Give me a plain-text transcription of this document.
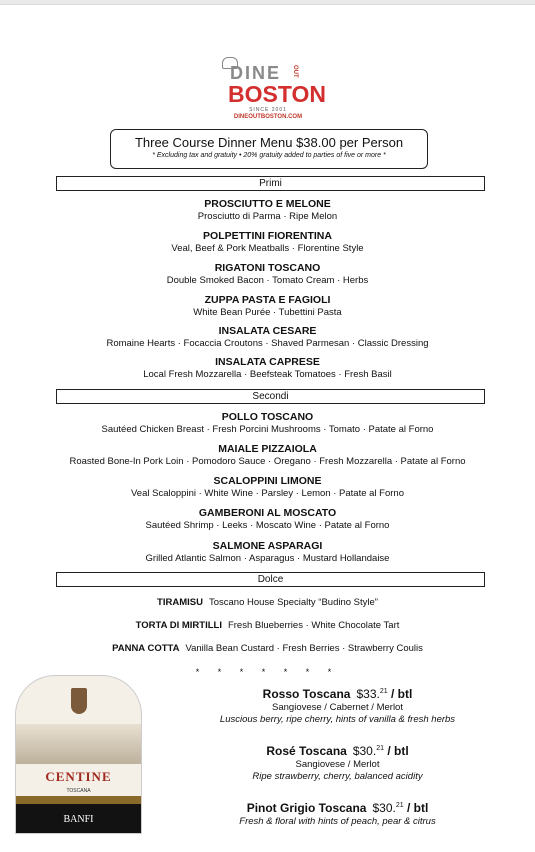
DINE OUT
BOSTON
SINCE 2001
DINEOUTBOSTON.COM
Three Course Dinner Menu $38.00 per Person
* Excluding tax and gratuity • 20% gratuity added to parties of five or more *
Primi
PROSCIUTTO E MELONE
Prosciutto di Parma · Ripe Melon
POLPETTINI FIORENTINA
Veal, Beef & Pork Meatballs · Florentine Style
RIGATONI TOSCANO
Double Smoked Bacon · Tomato Cream · Herbs
ZUPPA PASTA E FAGIOLI
White Bean Purée · Tubettini Pasta
INSALATA CESARE
Romaine Hearts · Focaccia Croutons · Shaved Parmesan · Classic Dressing
INSALATA CAPRESE
Local Fresh Mozzarella · Beefsteak Tomatoes · Fresh Basil
Secondi
POLLO TOSCANO
Sautéed Chicken Breast · Fresh Porcini Mushrooms · Tomato · Patate al Forno
MAIALE PIZZAIOLA
Roasted Bone-In Pork Loin · Pomodoro Sauce · Oregano · Fresh Mozzarella · Patate al Forno
SCALOPPINI LIMONE
Veal Scaloppini · White Wine · Parsley · Lemon · Patate al Forno
GAMBERONI AL MOSCATO
Sautéed Shrimp · Leeks · Moscato Wine · Patate al Forno
SALMONE ASPARAGI
Grilled Atlantic Salmon · Asparagus · Mustard Hollandaise
Dolce
TIRAMISU Toscano House Specialty “Budino Style”
TORTA DI MIRTILLI Fresh Blueberries · White Chocolate Tart
PANNA COTTA Vanilla Bean Custard · Fresh Berries · Strawberry Coulis
* * * * * * *
CENTINE
TOSCANA
BANFI
Rosso Toscana $33.21 / btl
Sangiovese / Cabernet / Merlot
Luscious berry, ripe cherry, hints of vanilla & fresh herbs
Rosé Toscana $30.21 / btl
Sangiovese / Merlot
Ripe strawberry, cherry, balanced acidity
Pinot Grigio Toscana $30.21 / btl
Fresh & floral with hints of peach, pear & citrus
